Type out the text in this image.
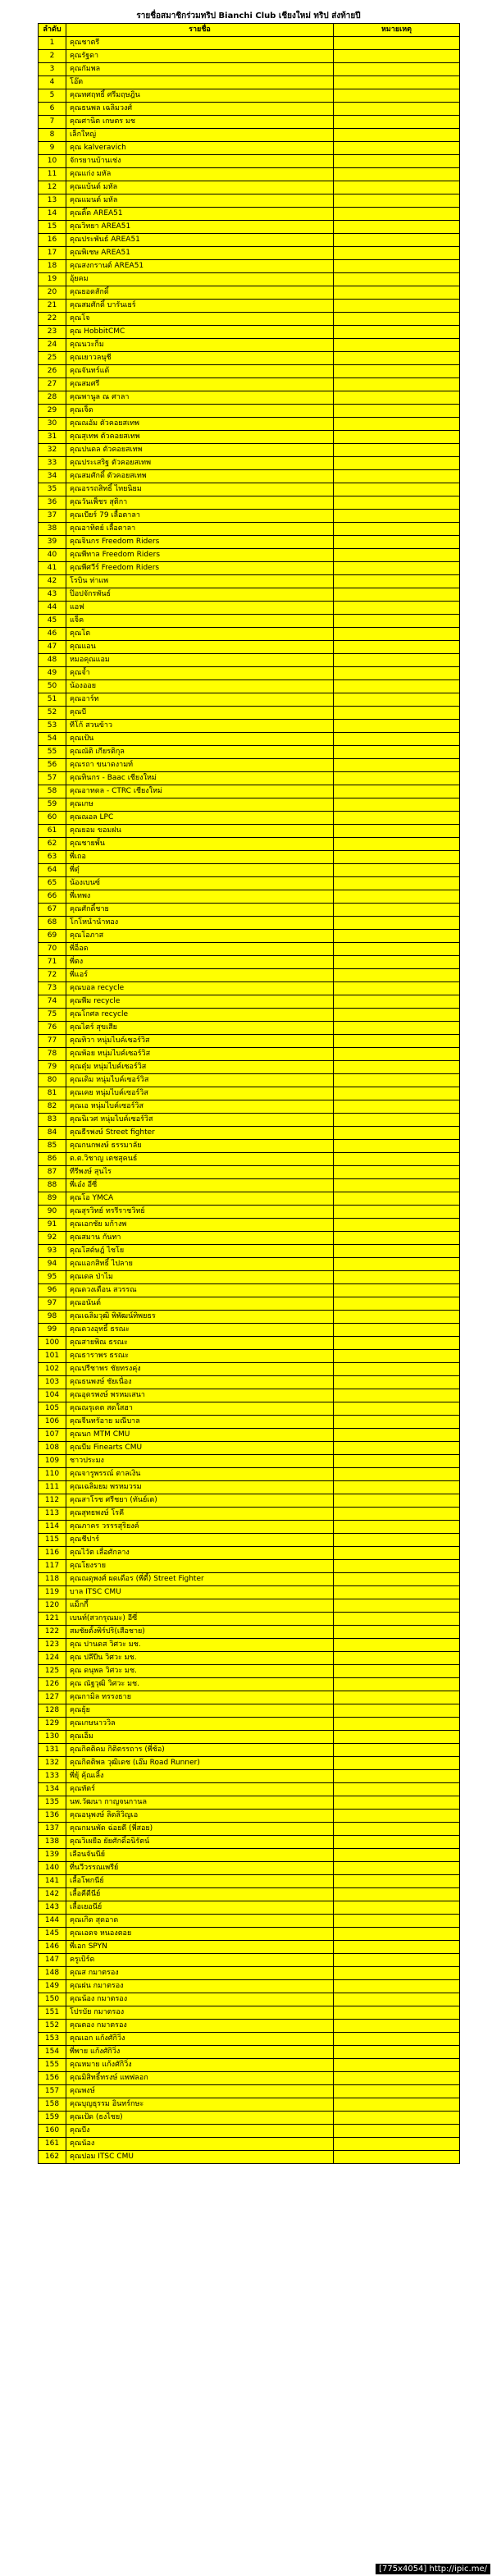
รายชื่อสมาชิกร่วมทริป Bianchi Club เชียงใหม่ ทริป ส่งท้ายปี
ลำดับ	รายชื่อ	หมายเหตุ
1	คุณชาตรี	
2	คุณรัฐดา	
3	คุณกัมพล	
4	โอ๊ต	
5	คุณทศฤทธิ์ ศรีมฤษฎิน	
6	คุณธนพล เฉลิมวงศ์	
7	คุณศานิต เกษตร มช	
8	เล็กใหญ่	
9	คุณ kalveravich	
10	จักรยานบ้านเช่ง	
11	คุณแก่ง มหัล	
12	คุณแบ้นต์ มหัล	
13	คุณแมนต์ มหัล	
14	คุณติ๊ด AREA51	
15	คุณวิทยา AREA51	
16	คุณประพันธ์ AREA51	
17	คุณพิเชษ AREA51	
18	คุณสงกรานต์ AREA51	
19	อุ้ยคม	
20	คุณยอดสักดิ์	
21	คุณสมศักดิ์ บารันเยร์	
22	คุณโจ	
23	คุณ HobbitCMC	
24	คุณนวะก็ม	
25	คุณเยาวลนุชี	
26	คุณจันทร์แต้	
27	คุณสมศรี	
28	คุณพานูล ณ ศาลา	
29	คุณเจ็ด	
30	คุณณอัม ตัวคอยสเทพ	
31	คุณสุเทพ ตัวคอยสเทพ	
32	คุณปนดล ตัวคอยสเทพ	
33	คุณประเสริฐ ตัวคอยสเทพ	
34	คุณสมศักดิ์ ตัวคอยสเทพ	
35	คุณอรรถสิทธิ์ ไทยนิยม	
36	คุณวันเพ็ชร สุติกา	
37	คุณเบียร์ 79 เลื้อตาลา	
38	คุณอาทิตย์ เลื้อตาลา	
39	คุณจินกร Freedom Riders	
40	คุณพีทาล Freedom Riders	
41	คุณพีศวีร์ Freedom Riders	
42	โรบิน ท่าแพ	
43	ป๊อปจักรพันธ์	
44	แอฟ	
45	แจ็ค	
46	คุณโต	
47	คุณแอน	
48	หมอคุณแอม	
49	คุณจ้ำ	
50	น้องออย	
51	คุณอาร์ท	
52	คุณบี	
53	ทีโก้ สวนข้าว	
54	คุณเป้น	
55	คุณณัติ เกียรติกุล	
56	คุณรถา ขนาดงามท์	
57	คุณทินกร - Baac เชียงใหม่	
58	คุณอาทดล - CTRC เชียงใหม่	
59	คุณเกษ	
60	คุณณอล LPC	
61	คุณยอม ขอมฝน	
62	คุณชายพั้น	
63	พี่เถอ	
64	พี่ตุ๋	
65	น้องเบนซ์	
66	พี่เทพง	
67	คุณศักดิ์ชาย	
68	โกโหนำนำทอง	
69	คุณโอภาส	
70	พี่อ็อด	
71	พี่ตง	
72	พี่แอร์	
73	คุณบอล recycle	
74	คุณพีม recycle	
75	คุณโกศล recycle	
76	คุณไตร์ สุขเสีย	
77	คุณทิวา หนุ่มไบค์เซอร์วิส	
78	คุณพ้อย หนุ่มไบค์เซอร์วิส	
79	คุณตุ๋ม หนุ่มไบค์เซอร์วิส	
80	คุณเดิม หนุ่มไบค์เซอร์วิส	
81	คุณเคย หนุ่มไบค์เซอร์วิส	
82	คุณเอ หนุ่มไบค์เซอร์วิส	
83	คุณนิเวศ หนุ่มไบค์เซอร์วิส	
84	คุณธีรพงษ์ Street fighter	
85	คุณกนกพงษ์ ธรรมาลัย	
86	ด.ต.วิชาญ เตชสุคนธ์	
87	ทีรีพงษ์ สุนไร	
88	พี่เอ๋ง อีซี่	
89	คุณโอ YMCA	
90	คุณสุรวิทย์ ทรรีราชวิทย์	
91	คุณเอกชัย มก้างพ	
92	คุณสมาน กันทา	
93	คุณโสด์ษฎ์ ไชโย	
94	คุณแอกสิทธิ์ ไปลาย	
95	คุณเดล ป่าไม	
96	คุณดวงเดือน สวรรณ	
97	คุณอนันต์	
98	คุณเฉลิมวุฒิ พิพัฒน์ทิพยธร	
99	คุณดวงอุทธิ์ ธรณะ	
100	คุณสายพิณ ธรณะ	
101	คุณธาราพร ธรณะ	
102	คุณปรีชาพร ชัยทรงคุ่ง	
103	คุณธนพงษ์ ชัยเนื่อง	
104	คุณอุดรพงษ์ พรหมเสนา	
105	คุณณรุเดต สดใสฮา	
106	คุณจีนทรัอาย มณีบาล	
107	คุณนก MTM CMU	
108	คุณบีม Finearts CMU	
109	ชาวประมง	
110	คุณจารูพรรณ์ ตาลเงิน	
111	คุณเฉลิมยม พรหมวรม	
112	คุณสาโรช ศรีชยา (ทันย์เต)	
113	คุณสุทธพงษ์ โรคี	
114	คุณภาคร วรรรสุริยงค์	
115	คุณชีปาร์	
116	คุณไวัต เลื่อศักลาง	
117	คุณโยงราย	
118	คุณณดุพงศ์ ผดเดือร (พี่ดี้) Street Fighter	
119	บาล ITSC CMU	
120	แม็กกี้	
121	เบนท์(สวกรุณมะ) อีซี่	
122	สมชัยตั้งพิร์ปริ(เสือชาย)	
123	คุณ ปานดส วิศวะ มช.	
124	คุณ ปลีปีน วิศวะ มช.	
125	คุณ ดนุพล วิศวะ มช.	
126	คุณ ณัฐวุฒิ วิศวะ มช.	
127	คุณกามิล ทรรงธาย	
128	คุณยุ้ย	
129	คุณเกษนาววิล	
130	คุณเอ็ม	
131	คุณกิตติคม กิติตรรถาร (พี่ช้อ)	
132	คุณกิตติพล วุฒิเดช (เอ๊ม Road Runner)	
133	พี่ยุ้ คุ้ณเลิ้ง	
134	คุณทัตร์	
135	นพ.วัฒนา กาญจนกานล	
136	คุณอนุพงษ์ ลิดลิวิญเอ	
137	คุณกมนพัด ฉ่อยดี (พี่สอย)	
138	คุณวิเผยือ ยัยศักดิ์อนิรัตน์	
139	เลือนจันนีย์	
140	ที่นวีวรรณเพรีย์	
141	เลื้อโพกนีย์	
142	เลื้อคีดีนีย์	
143	เลื้อเยอนีย์	
144	คุณเกิด สุดอาด	
145	คุณเอดจ หนองตอย	
146	พี่เอก SPYN	
147	ครูเบิร์ด	
148	คุณส กมาตรอง	
149	คุณฝน กมาตรอง	
150	คุณน้อง กมาตรอง	
151	โปรบัย กมาตรอง	
152	คุณตอง กมาตรอง	
153	คุณเอก แก้งศักิวิ่ง	
154	พี่พาย แก้งศักิวิ่ง	
155	คุณหมาย แก้งศักิวิ่ง	
156	คุณมิสิทธิ์ทรงษ์ แพฟลอก	
157	คุณพงษ์	
158	คุณบุญธุรรม อินทร์กษะ	
159	คุณเป้ด (ธงไชย)	
160	คุณบีง	
161	คุณนัอง	
162	คุณปอม ITSC CMU	
[775x4054] http://ipic.me/
